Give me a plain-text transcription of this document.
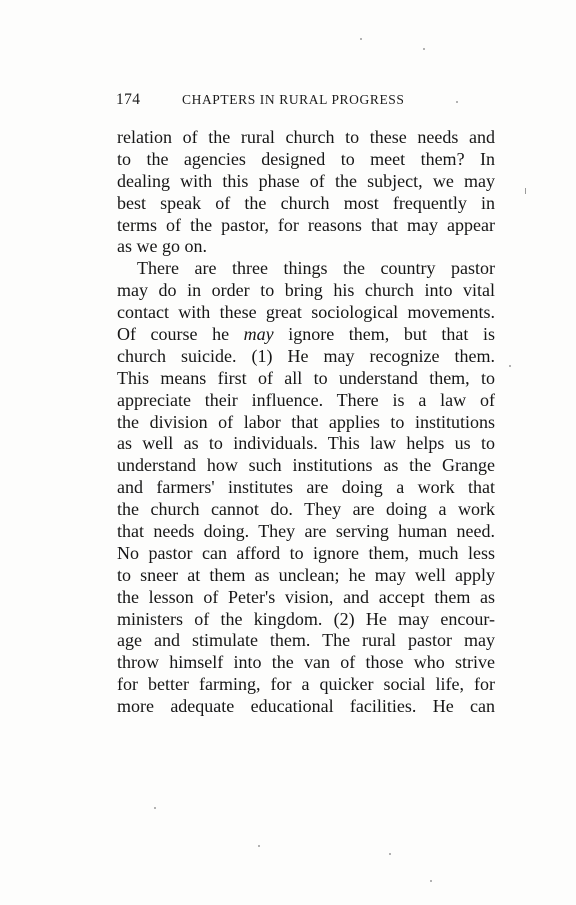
174	CHAPTERS IN RURAL PROGRESS
relation of the rural church to these needs and
to the agencies designed to meet them? In
dealing with this phase of the subject, we may
best speak of the church most frequently in
terms of the pastor, for reasons that may appear
as we go on.
There are three things the country pastor
may do in order to bring his church into vital
contact with these great sociological movements.
Of course he may ignore them, but that is
church suicide. (1) He may recognize them.
This means first of all to understand them, to
appreciate their influence. There is a law of
the division of labor that applies to institutions
as well as to individuals. This law helps us to
understand how such institutions as the Grange
and farmers' institutes are doing a work that
the church cannot do. They are doing a work
that needs doing. They are serving human need.
No pastor can afford to ignore them, much less
to sneer at them as unclean; he may well apply
the lesson of Peter's vision, and accept them as
ministers of the kingdom. (2) He may encour-
age and stimulate them. The rural pastor may
throw himself into the van of those who strive
for better farming, for a quicker social life, for
more adequate educational facilities. He can
